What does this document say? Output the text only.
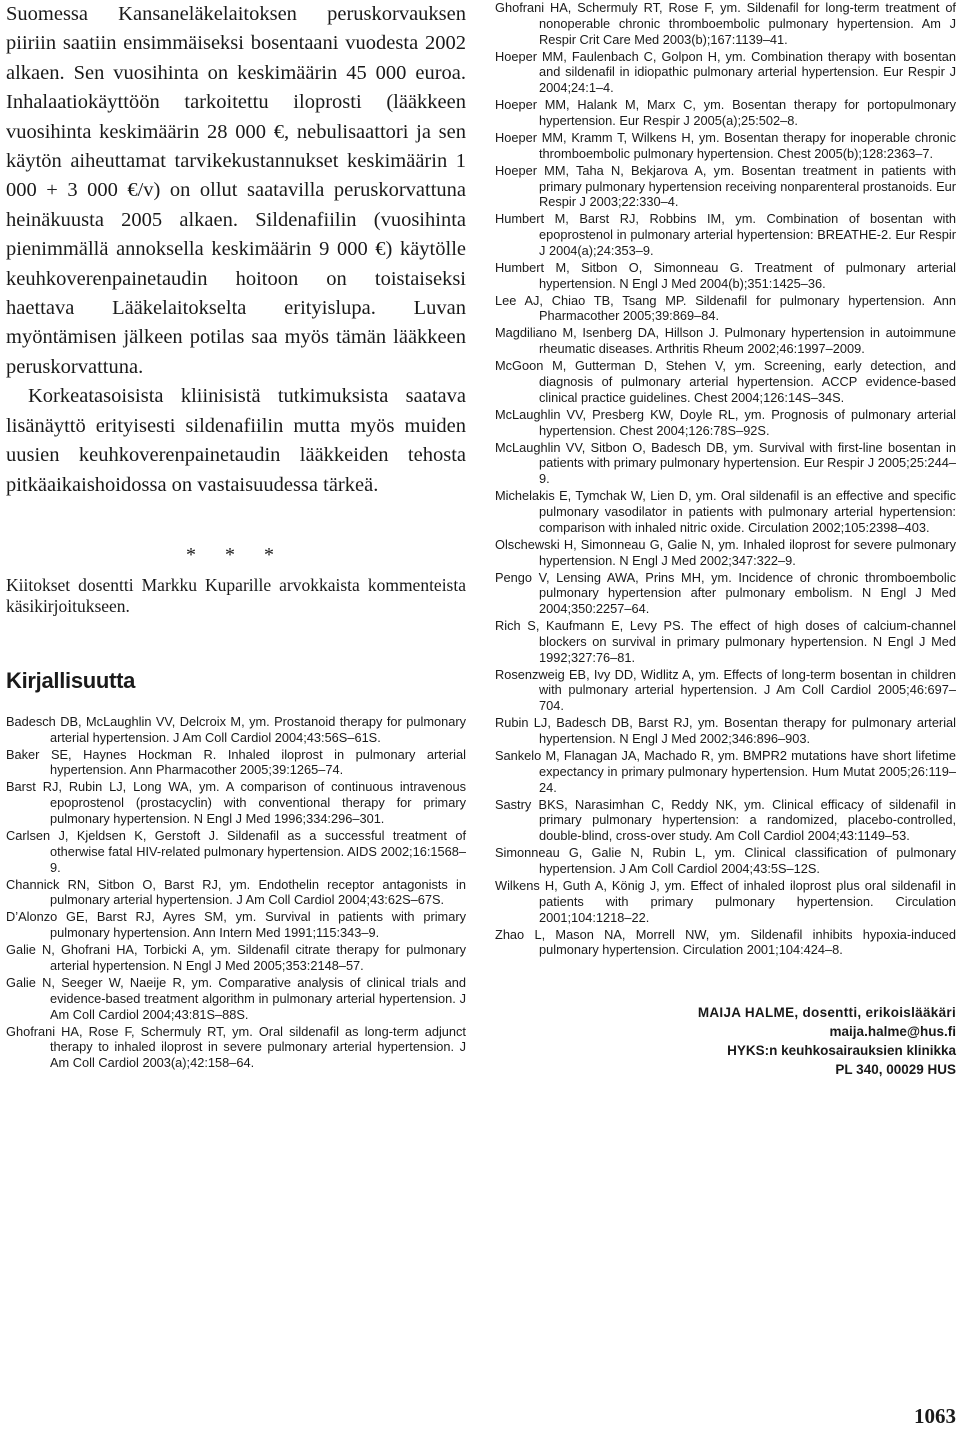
Suomessa Kansaneläkelaitoksen peruskorvauksen piiriin saatiin ensimmäiseksi bosentaani vuodesta 2002 alkaen. Sen vuosihinta on keskimäärin 45 000 euroa. Inhalaatiokäyttöön tarkoitettu iloprosti (lääkkeen vuosihinta keskimäärin 28 000 €, nebulisaattori ja sen käytön aiheuttamat tarvikekustannukset keskimäärin 1 000 + 3 000 €/v) on ollut saatavilla peruskorvattuna heinäkuusta 2005 alkaen. Sildenafiilin (vuosihinta pienimmällä annoksella keskimäärin 9 000 €) käytölle keuhkoverenpainetaudin hoitoon on toistaiseksi haettava Lääkelaitokselta erityislupa. Luvan myöntämisen jälkeen potilas saa myös tämän lääkkeen peruskorvattuna.

Korkeatasoisista kliinisistä tutkimuksista saatava lisänäyttö erityisesti sildenafiilin mutta myös muiden uusien keuhkoverenpainetaudin lääkkeiden tehosta pitkäaikaishoidossa on vastaisuudessa tärkeä.

* * *

Kiitokset dosentti Markku Kuparille arvokkaista kommenteista käsikirjoitukseen.

Kirjallisuutta
Badesch DB, McLaughlin VV, Delcroix M, ym. Prostanoid therapy for pulmonary arterial hypertension. J Am Coll Cardiol 2004;43:56S–61S.
Baker SE, Haynes Hockman R. Inhaled iloprost in pulmonary arterial hypertension. Ann Pharmacother 2005;39:1265–74.
Barst RJ, Rubin LJ, Long WA, ym. A comparison of continuous intravenous epoprostenol (prostacyclin) with conventional therapy for primary pulmonary hypertension. N Engl J Med 1996;334:296–301.
Carlsen J, Kjeldsen K, Gerstoft J. Sildenafil as a successful treatment of otherwise fatal HIV-related pulmonary hypertension. AIDS 2002;16:1568–9.
Channick RN, Sitbon O, Barst RJ, ym. Endothelin receptor antagonists in pulmonary arterial hypertension. J Am Coll Cardiol 2004;43:62S–67S.
D’Alonzo GE, Barst RJ, Ayres SM, ym. Survival in patients with primary pulmonary hypertension. Ann Intern Med 1991;115:343–9.
Galie N, Ghofrani HA, Torbicki A, ym. Sildenafil citrate therapy for pulmonary arterial hypertension. N Engl J Med 2005;353:2148–57.
Galie N, Seeger W, Naeije R, ym. Comparative analysis of clinical trials and evidence-based treatment algorithm in pulmonary arterial hypertension. J Am Coll Cardiol 2004;43:81S–88S.
Ghofrani HA, Rose F, Schermuly RT, ym. Oral sildenafil as long-term adjunct therapy to inhaled iloprost in severe pulmonary arterial hypertension. J Am Coll Cardiol 2003(a);42:158–64.
Ghofrani HA, Schermuly RT, Rose F, ym. Sildenafil for long-term treatment of nonoperable chronic thromboembolic pulmonary hypertension. Am J Respir Crit Care Med 2003(b);167:1139–41.
Hoeper MM, Faulenbach C, Golpon H, ym. Combination therapy with bosentan and sildenafil in idiopathic pulmonary arterial hypertension. Eur Respir J 2004;24:1–4.
Hoeper MM, Halank M, Marx C, ym. Bosentan therapy for portopulmonary hypertension. Eur Respir J 2005(a);25:502–8.
Hoeper MM, Kramm T, Wilkens H, ym. Bosentan therapy for inoperable chronic thromboembolic pulmonary hypertension. Chest 2005(b);128:2363–7.
Hoeper MM, Taha N, Bekjarova A, ym. Bosentan treatment in patients with primary pulmonary hypertension receiving nonparenteral prostanoids. Eur Respir J 2003;22:330–4.
Humbert M, Barst RJ, Robbins IM, ym. Combination of bosentan with epoprostenol in pulmonary arterial hypertension: BREATHE-2. Eur Respir J 2004(a);24:353–9.
Humbert M, Sitbon O, Simonneau G. Treatment of pulmonary arterial hypertension. N Engl J Med 2004(b);351:1425–36.
Lee AJ, Chiao TB, Tsang MP. Sildenafil for pulmonary hypertension. Ann Pharmacother 2005;39:869–84.
Magdiliano M, Isenberg DA, Hillson J. Pulmonary hypertension in autoimmune rheumatic diseases. Arthritis Rheum 2002;46:1997–2009.
McGoon M, Gutterman D, Stehen V, ym. Screening, early detection, and diagnosis of pulmonary arterial hypertension. ACCP evidence-based clinical practice guidelines. Chest 2004;126:14S–34S.
McLaughlin VV, Presberg KW, Doyle RL, ym. Prognosis of pulmonary arterial hypertension. Chest 2004;126:78S–92S.
McLaughlin VV, Sitbon O, Badesch DB, ym. Survival with first-line bosentan in patients with primary pulmonary hypertension. Eur Respir J 2005;25:244–9.
Michelakis E, Tymchak W, Lien D, ym. Oral sildenafil is an effective and specific pulmonary vasodilator in patients with pulmonary arterial hypertension: comparison with inhaled nitric oxide. Circulation 2002;105:2398–403.
Olschewski H, Simonneau G, Galie N, ym. Inhaled iloprost for severe pulmonary hypertension. N Engl J Med 2002;347:322–9.
Pengo V, Lensing AWA, Prins MH, ym. Incidence of chronic thromboembolic pulmonary hypertension after pulmonary embolism. N Engl J Med 2004;350:2257–64.
Rich S, Kaufmann E, Levy PS. The effect of high doses of calcium-channel blockers on survival in primary pulmonary hypertension. N Engl J Med 1992;327:76–81.
Rosenzweig EB, Ivy DD, Widlitz A, ym. Effects of long-term bosentan in children with pulmonary arterial hypertension. J Am Coll Cardiol 2005;46:697–704.
Rubin LJ, Badesch DB, Barst RJ, ym. Bosentan therapy for pulmonary arterial hypertension. N Engl J Med 2002;346:896–903.
Sankelo M, Flanagan JA, Machado R, ym. BMPR2 mutations have short lifetime expectancy in primary pulmonary hypertension. Hum Mutat 2005;26:119–24.
Sastry BKS, Narasimhan C, Reddy NK, ym. Clinical efficacy of sildenafil in primary pulmonary hypertension: a randomized, placebo-controlled, double-blind, cross-over study. Am Coll Cardiol 2004;43:1149–53.
Simonneau G, Galie N, Rubin L, ym. Clinical classification of pulmonary hypertension. J Am Coll Cardiol 2004;43:5S–12S.
Wilkens H, Guth A, König J, ym. Effect of inhaled iloprost plus oral sildenafil in patients with primary pulmonary hypertension. Circulation 2001;104:1218–22.
Zhao L, Mason NA, Morrell NW, ym. Sildenafil inhibits hypoxia-induced pulmonary hypertension. Circulation 2001;104:424–8.
MAIJA HALME, dosentti, erikoislääkäri
maija.halme@hus.fi
HYKS:n keuhkosairauksien klinikka
PL 340, 00029 HUS
1063
